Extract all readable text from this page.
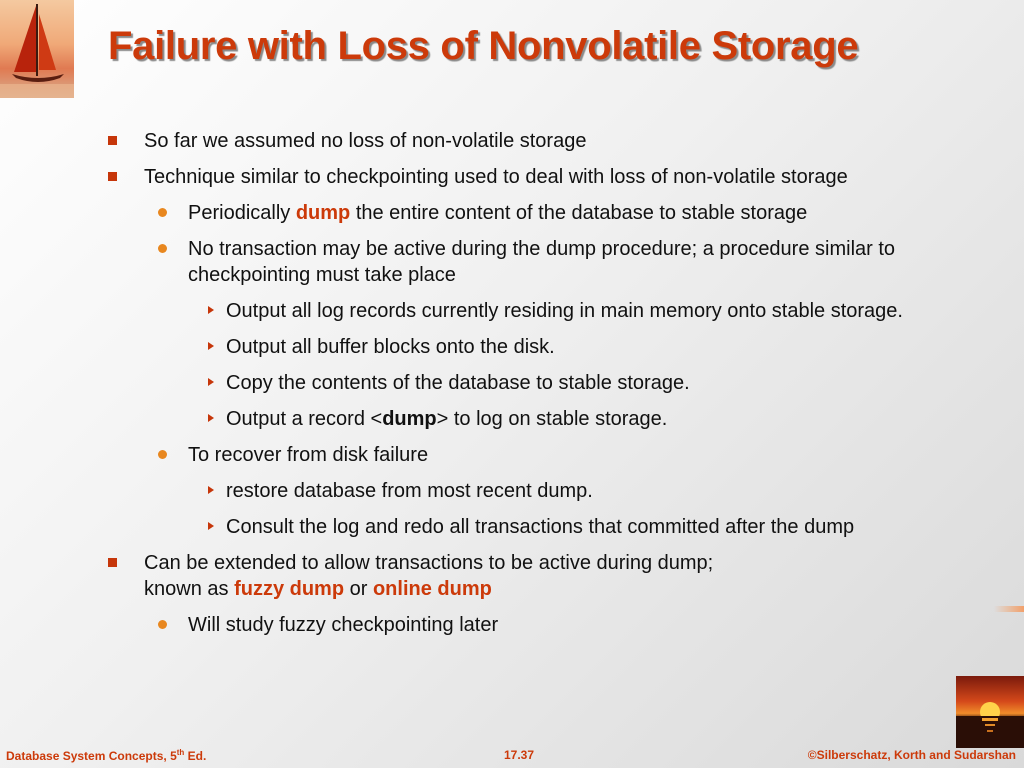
Failure with Loss of Nonvolatile Storage
So far we assumed no loss of non-volatile storage
Technique similar to checkpointing used to deal with loss of non-volatile storage
Periodically dump the entire content of the database to stable storage
No transaction may be active during the dump procedure; a procedure similar to checkpointing must take place
Output all log records currently residing in main memory onto stable storage.
Output all buffer blocks onto the disk.
Copy the contents of the database to stable storage.
Output a record <dump> to log on stable storage.
To recover from disk failure
restore database from most recent dump.
Consult the log and redo all transactions that committed after the dump
Can be extended to allow transactions to be active during dump;
known as fuzzy dump or online dump
Will study fuzzy checkpointing later
Database System Concepts, 5th Ed.	17.37	©Silberschatz, Korth and Sudarshan
